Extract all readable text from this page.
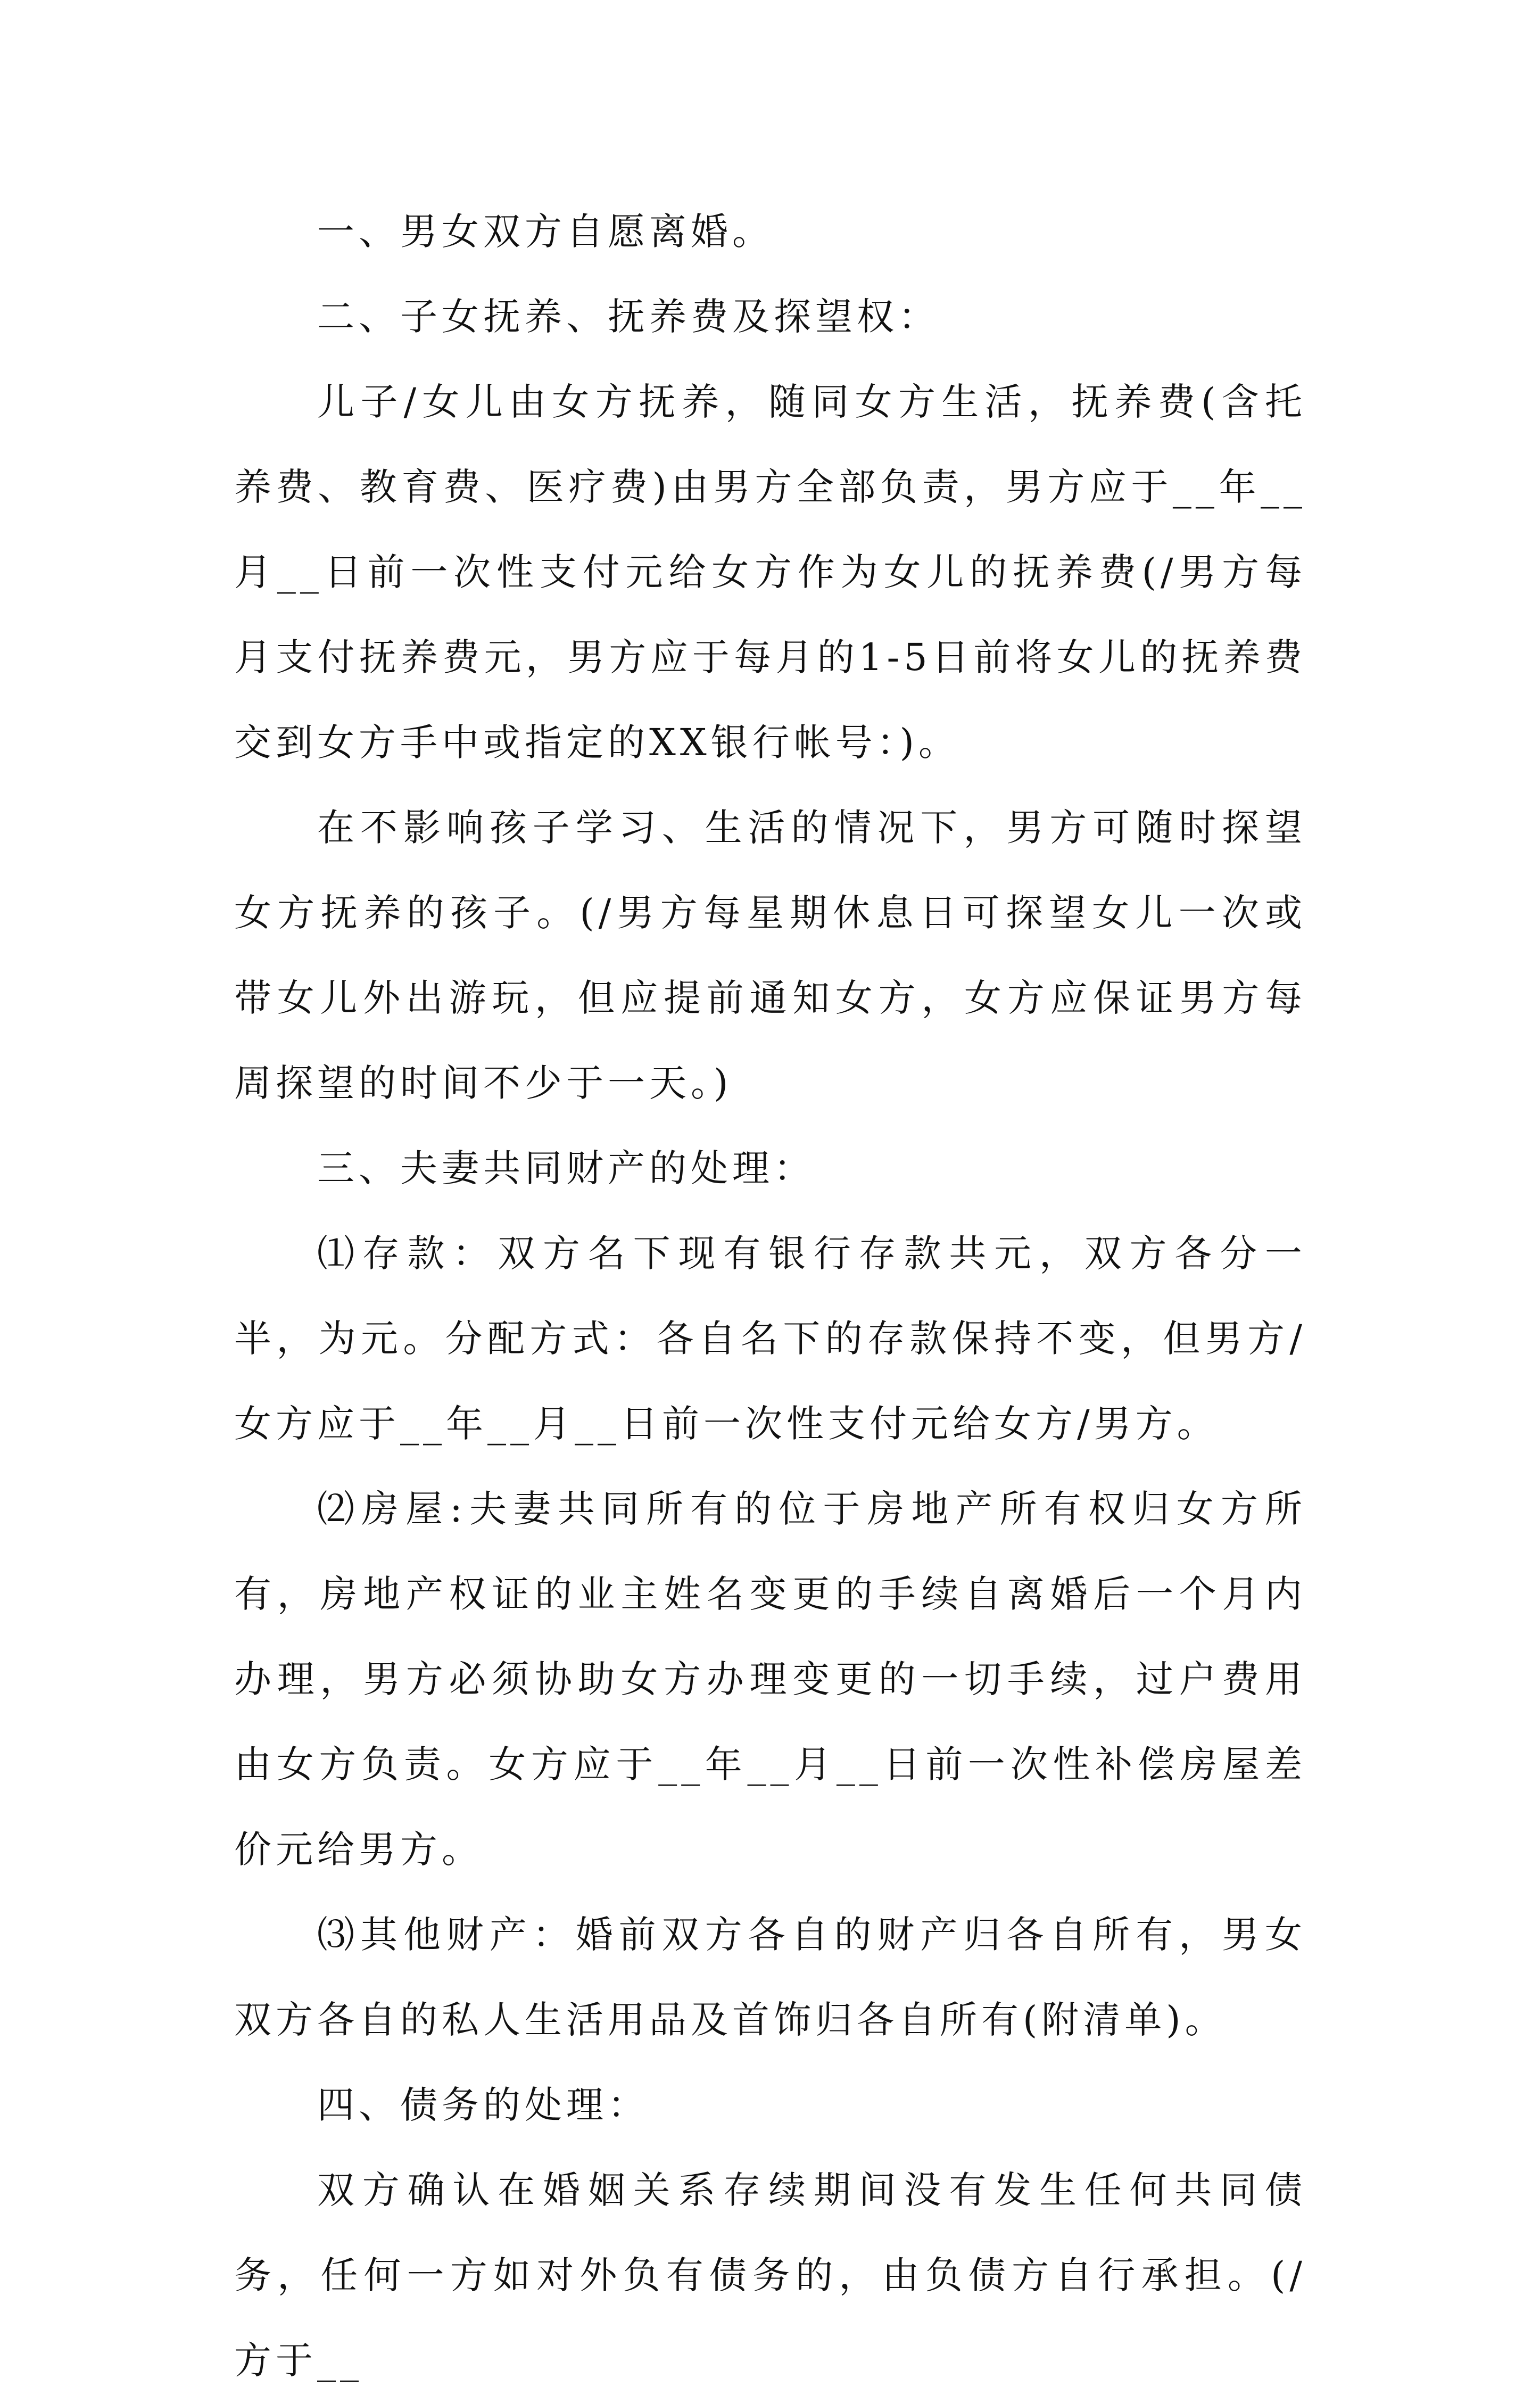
一、男女双方自愿离婚。

二、子女抚养、抚养费及探望权：

儿子/女儿由女方抚养，随同女方生活，抚养费(含托养费、教育费、医疗费)由男方全部负责，男方应于__年__月__日前一次性支付元给女方作为女儿的抚养费(/男方每月支付抚养费元，男方应于每月的1-5日前将女儿的抚养费交到女方手中或指定的XX银行帐号：)。

在不影响孩子学习、生活的情况下，男方可随时探望女方抚养的孩子。(/男方每星期休息日可探望女儿一次或带女儿外出游玩，但应提前通知女方，女方应保证男方每周探望的时间不少于一天。)

三、夫妻共同财产的处理：

⑴存款：双方名下现有银行存款共元，双方各分一半，为元。分配方式：各自名下的存款保持不变，但男方/女方应于__年__月__日前一次性支付元给女方/男方。

⑵房屋:夫妻共同所有的位于房地产所有权归女方所有，房地产权证的业主姓名变更的手续自离婚后一个月内办理，男方必须协助女方办理变更的一切手续，过户费用由女方负责。女方应于__年__月__日前一次性补偿房屋差价元给男方。

⑶其他财产：婚前双方各自的财产归各自所有，男女双方各自的私人生活用品及首饰归各自所有(附清单)。

四、债务的处理：

双方确认在婚姻关系存续期间没有发生任何共同债务，任何一方如对外负有债务的，由负债方自行承担。(/方于__
